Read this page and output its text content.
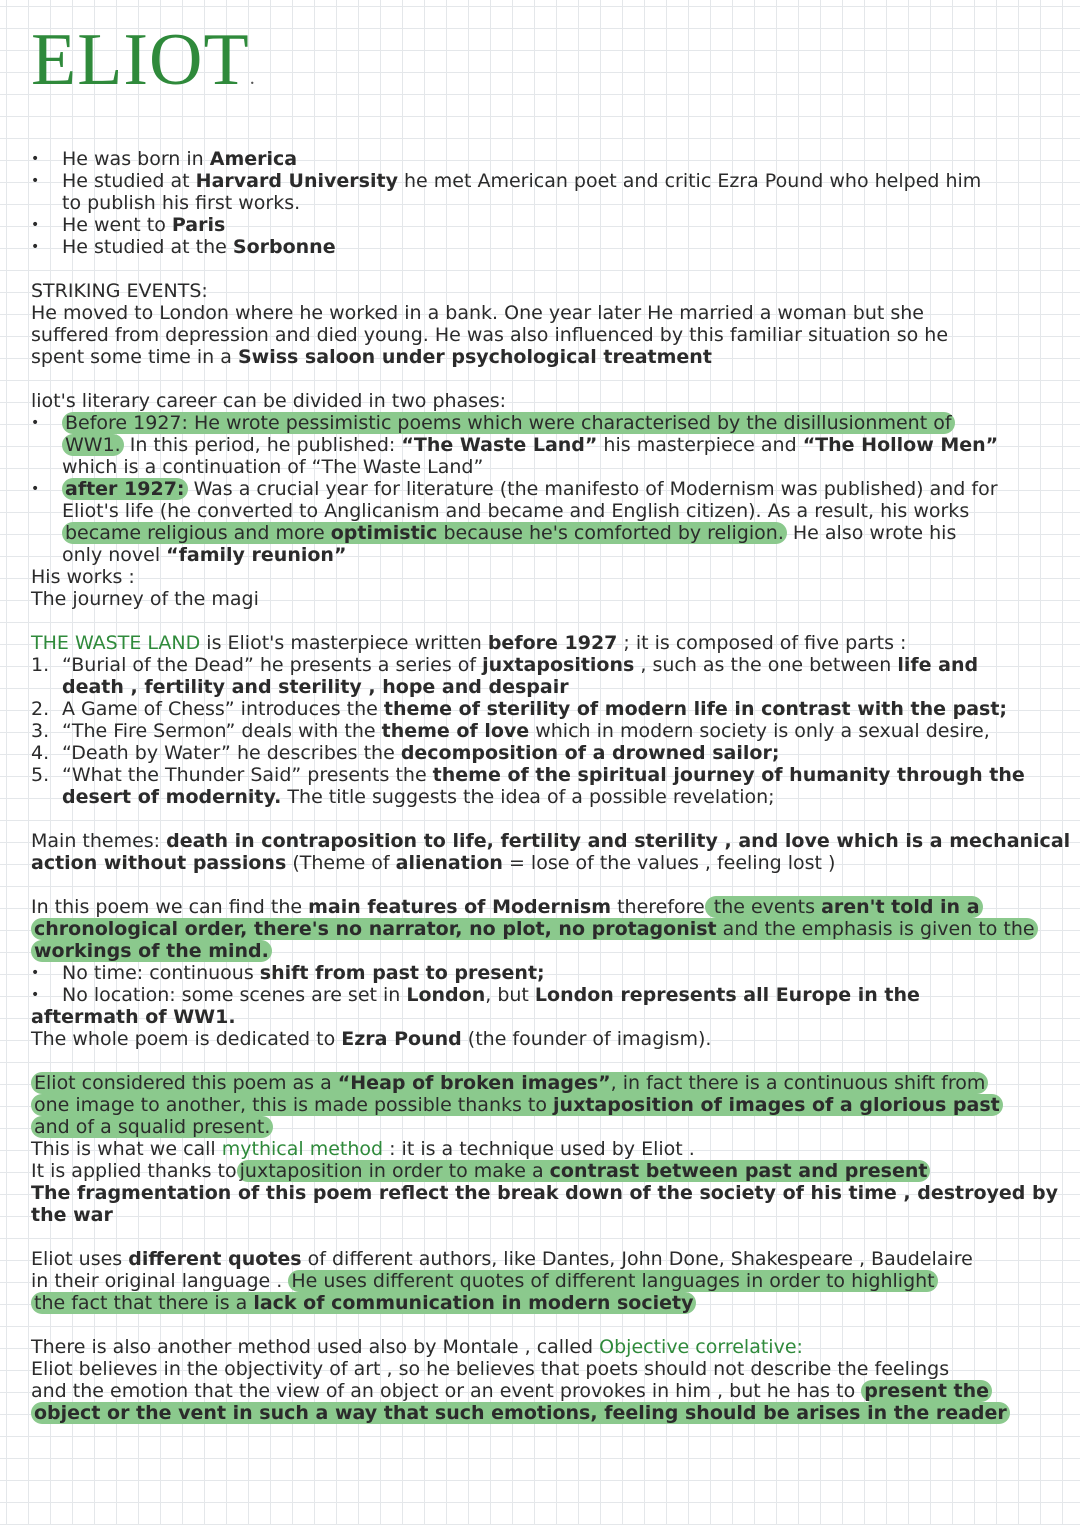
ELIOT.
• He was born in America
• He studied at Harvard University he met American poet and critic Ezra Pound who helped him
to publish his first works.
• He went to Paris
• He studied at the Sorbonne
STRIKING EVENTS:
He moved to London where he worked in a bank. One year later He married a woman but she
suffered from depression and died young. He was also influenced by this familiar situation so he
spent some time in a Swiss saloon under psychological treatment
liot's literary career can be divided in two phases:
• Before 1927: He wrote pessimistic poems which were characterised by the disillusionment of
WW1. In this period, he published: “The Waste Land” his masterpiece and “The Hollow Men”
which is a continuation of “The Waste Land”
• after 1927: Was a crucial year for literature (the manifesto of Modernism was published) and for
Eliot's life (he converted to Anglicanism and became and English citizen). As a result, his works
became religious and more optimistic because he's comforted by religion. He also wrote his
only novel “family reunion”
His works :
The journey of the magi
THE WASTE LAND is Eliot's masterpiece written before 1927 ; it is composed of five parts :
1. “Burial of the Dead” he presents a series of juxtapositions , such as the one between life and
death , fertility and sterility , hope and despair
2. A Game of Chess” introduces the theme of sterility of modern life in contrast with the past;
3. “The Fire Sermon” deals with the theme of love which in modern society is only a sexual desire,
4. “Death by Water” he describes the decomposition of a drowned sailor;
5. “What the Thunder Said” presents the theme of the spiritual journey of humanity through the
desert of modernity. The title suggests the idea of a possible revelation;
Main themes: death in contraposition to life, fertility and sterility , and love which is a mechanical
action without passions (Theme of alienation = lose of the values , feeling lost )
In this poem we can find the main features of Modernism therefore the events aren't told in a
chronological order, there's no narrator, no plot, no protagonist and the emphasis is given to the
workings of the mind.
• No time: continuous shift from past to present;
• No location: some scenes are set in London, but London represents all Europe in the
aftermath of WW1.
The whole poem is dedicated to Ezra Pound (the founder of imagism).
Eliot considered this poem as a “Heap of broken images”, in fact there is a continuous shift from
one image to another, this is made possible thanks to juxtaposition of images of a glorious past
and of a squalid present.
This is what we call mythical method : it is a technique used by Eliot .
It is applied thanks to juxtaposition in order to make a contrast between past and present
The fragmentation of this poem reflect the break down of the society of his time , destroyed by
the war
Eliot uses different quotes of different authors, like Dantes, John Done, Shakespeare , Baudelaire
in their original language . He uses different quotes of different languages in order to highlight
the fact that there is a lack of communication in modern society
There is also another method used also by Montale , called Objective correlative:
Eliot believes in the objectivity of art , so he believes that poets should not describe the feelings
and the emotion that the view of an object or an event provokes in him , but he has to present the
object or the vent in such a way that such emotions, feeling should be arises in the reader
